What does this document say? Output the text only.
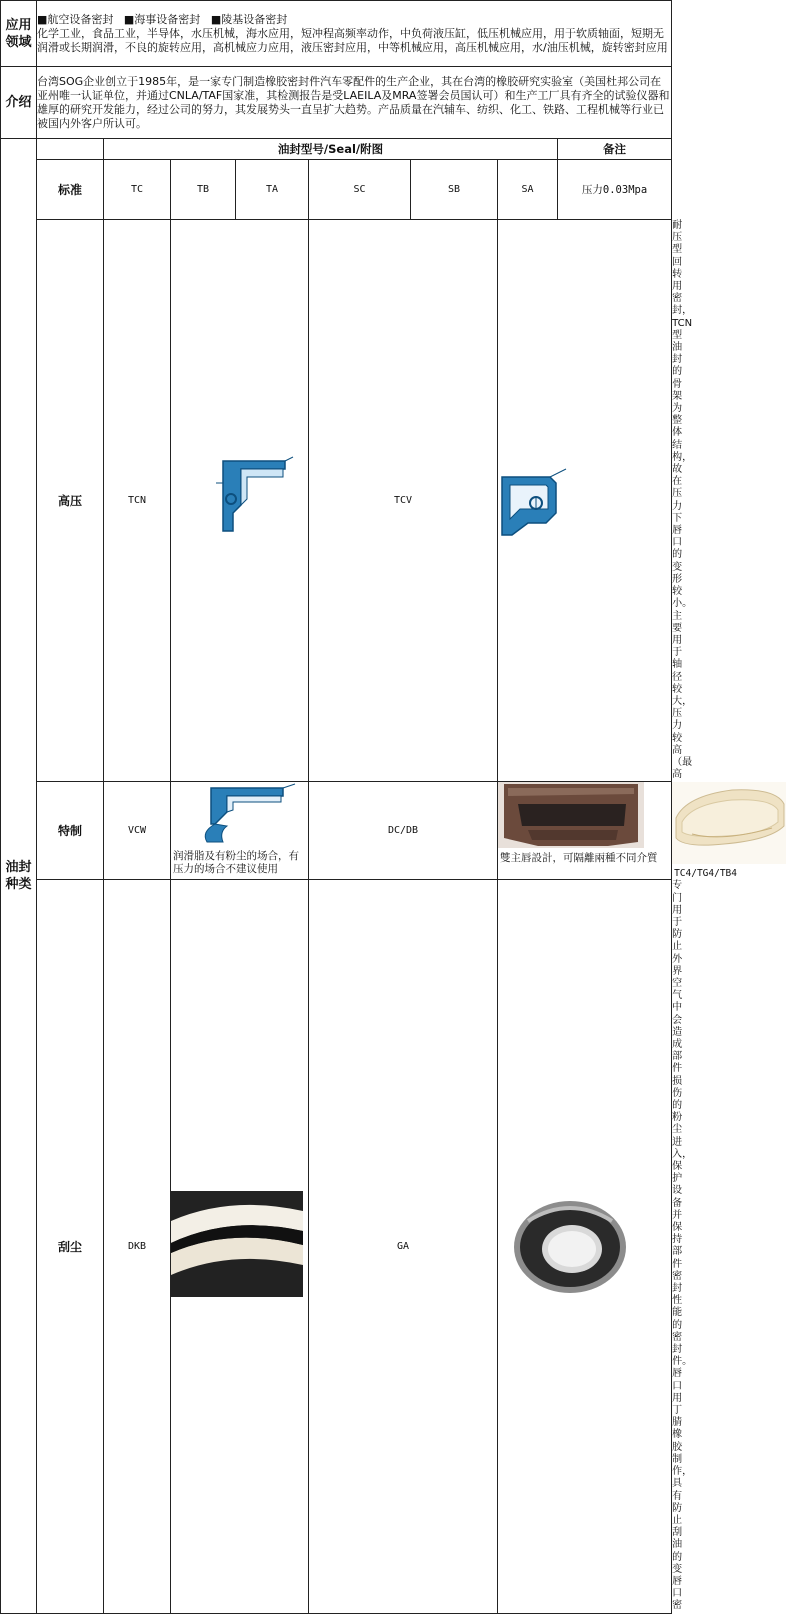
应用领域	■航空设备密封 ■海事设备密封 ■陵基设备密封
化学工业，食品工业，半导体，水压机械，海水应用，短冲程高频率动作，中负荷液压缸，低压机械应用，用于软质轴面，短期无润滑或长期润滑，不良的旋转应用，高机械应力应用，液压密封应用，中等机械应用，高压机械应用，水/油压机械，旋转密封应用								

介绍	台湾SOG企业创立于1985年，是一家专门制造橡胶密封件汽车零配件的生产企业，其在台湾的橡胶研究实验室（美国杜邦公司在亚州唯一认证单位，并通过CNLA/TAF国家准，其检测报告是受LAEILA及MRA签署会员国认可）和生产工厂具有齐全的试验仪器和雄厚的研究开发能力，经过公司的努力，其发展势头一直呈扩大趋势。产品质量在汽辅车、纺织、化工、铁路、工程机械等行业已被国内外客户所认可。								
油封种类		油封型号/Seal/附图						备注	
	标准	TC	TB	TA	SC	SB	SA	压力0.03Mpa	
	高压	TCN			TCV				耐压型回转用密封，TCN型油封的骨架为整体结构，故在压力下唇口的变形较小。主要用于轴径较大，压力较高（最高
	特制	VCW	润滑脂及有粉尘的场合，有压力的场合不建议使用		DC/DB		雙主唇設計，可隔離兩種不同介質		TC4/TG4/TB4

	刮尘	DKB			GA				专门用于防止外界空气中会造成部件损伤的粉尘进入，保护设备并保持部件密封性能的密封件。唇口用丁腈橡胶制作，具有防止刮油的变唇口密
